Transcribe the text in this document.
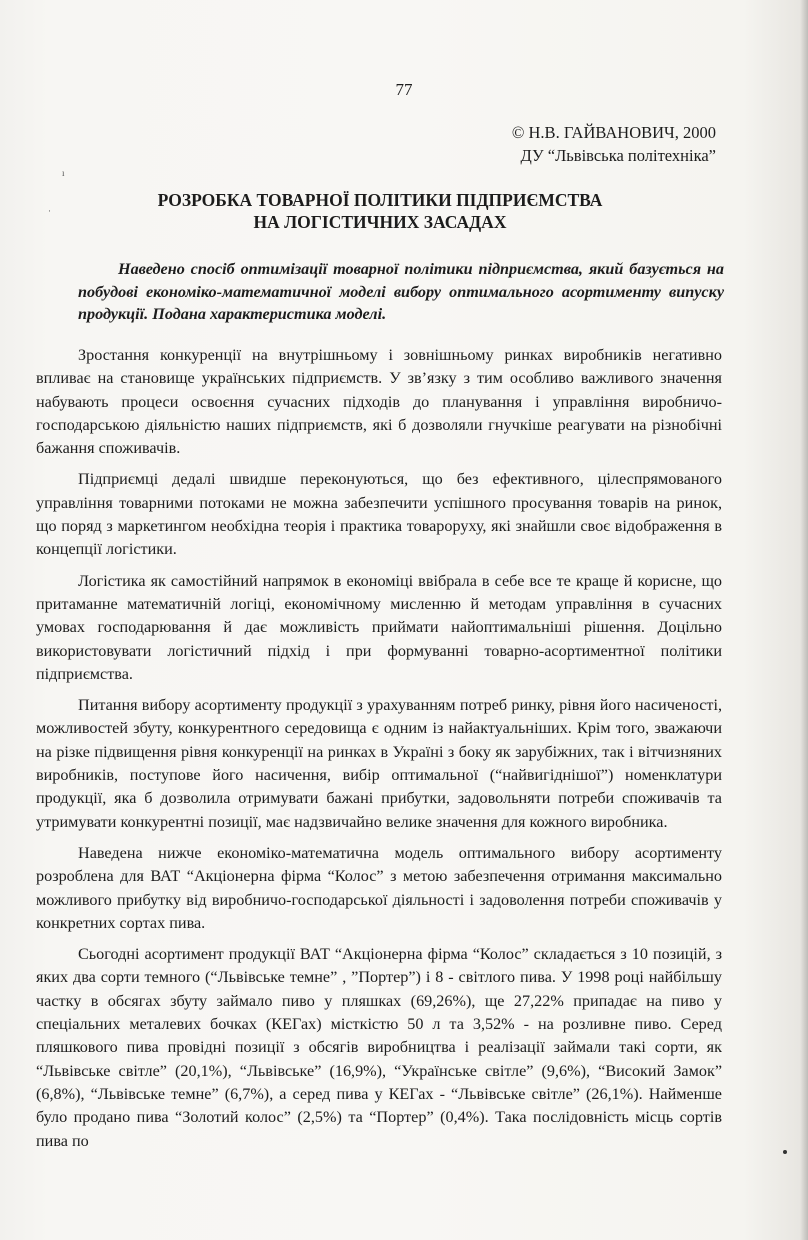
77
© Н.В. ГАЙВАНОВИЧ, 2000
ДУ “Львівська політехніка”
ı
·
РОЗРОБКА ТОВАРНОЇ ПОЛІТИКИ ПІДПРИЄМСТВА
НА ЛОГІСТИЧНИХ ЗАСАДАХ
Наведено спосіб оптимізації товарної політики підприємства, який базується на побудові економіко-математичної моделі вибору оптимального асортименту випуску продукції. Подана характеристика моделі.

Зростання конкуренції на внутрішньому і зовнішньому ринках виробників негативно впливає на становище українських підприємств. У зв’язку з тим особливо важливого значення набувають процеси освоєння сучасних підходів до планування і управління виробничо-господарською діяльністю наших підприємств, які б дозволяли гнучкіше реагувати на різнобічні бажання споживачів.

Підприємці дедалі швидше переконуються, що без ефективного, цілеспрямованого управління товарними потоками не можна забезпечити успішного просування товарів на ринок, що поряд з маркетингом необхідна теорія і практика товароруху, які знайшли своє відображення в концепції логістики.

Логістика як самостійний напрямок в економіці ввібрала в себе все те краще й корисне, що притаманне математичній логіці, економічному мисленню й методам управління в сучасних умовах господарювання й дає можливість приймати найоптимальніші рішення. Доцільно використовувати логістичний підхід і при формуванні товарно-асортиментної політики підприємства.

Питання вибору асортименту продукції з урахуванням потреб ринку, рівня його насиченості, можливостей збуту, конкурентного середовища є одним із найактуальніших. Крім того, зважаючи на різке підвищення рівня конкуренції на ринках в Україні з боку як зарубіжних, так і вітчизняних виробників, поступове його насичення, вибір оптимальної (“найвигіднішої”) номенклатури продукції, яка б дозволила отримувати бажані прибутки, задовольняти потреби споживачів та утримувати конкурентні позиції, має надзвичайно велике значення для кожного виробника.

Наведена нижче економіко-математична модель оптимального вибору асортименту розроблена для ВАТ “Акціонерна фірма “Колос” з метою забезпечення отримання максимально можливого прибутку від виробничо-господарської діяльності і задоволення потреби споживачів у конкретних сортах пива.

Сьогодні асортимент продукції ВАТ “Акціонерна фірма “Колос” складається з 10 позицій, з яких два сорти темного (“Львівське темне” , ”Портер”) і 8 - світлого пива. У 1998 році найбільшу частку в обсягах збуту займало пиво у пляшках (69,26%), ще 27,22% припадає на пиво у спеціальних металевих бочках (КЕГах) місткістю 50 л та 3,52% - на розливне пиво. Серед пляшкового пива провідні позиції з обсягів виробництва і реалізації займали такі сорти, як “Львівське світле” (20,1%), “Львівське” (16,9%), “Українське світле” (9,6%), “Високий Замок” (6,8%), “Львівське темне” (6,7%), а серед пива у КЕГах - “Львівське світле” (26,1%). Найменше було продано пива “Золотий колос” (2,5%) та “Портер” (0,4%). Така послідовність місць сортів пива по
